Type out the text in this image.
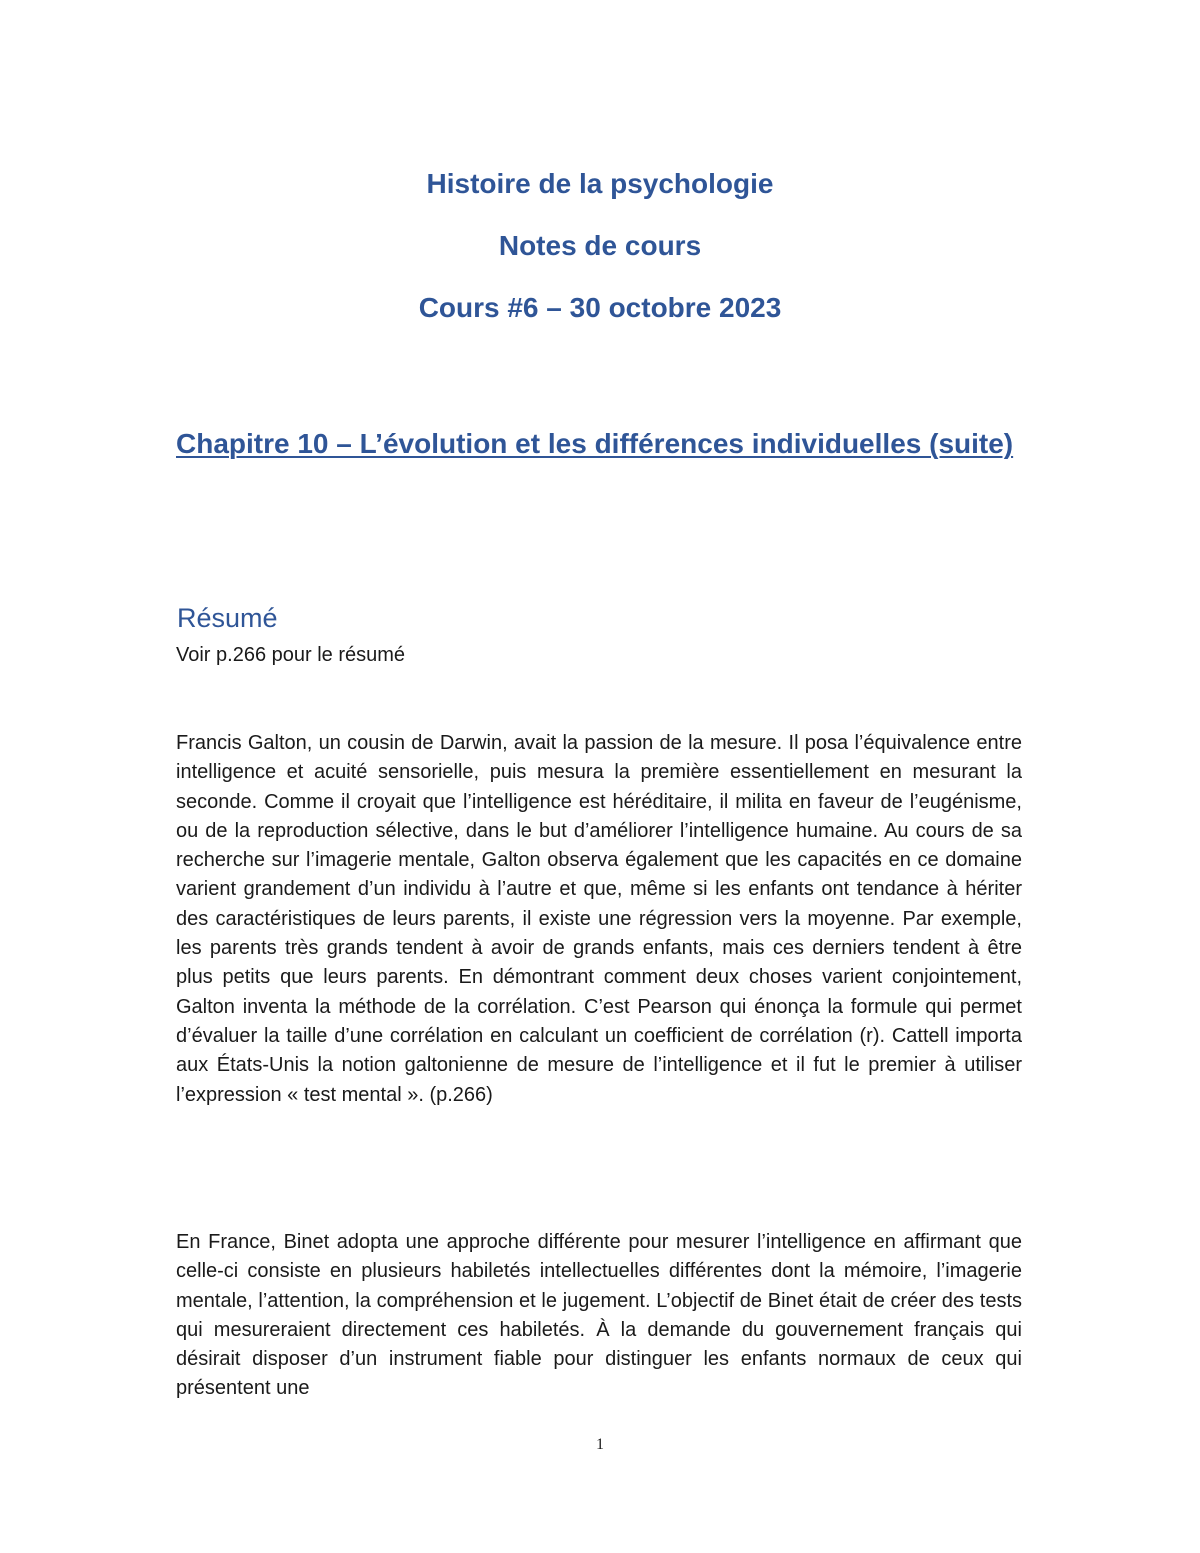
Histoire de la psychologie
Notes de cours
Cours #6 – 30 octobre 2023
Chapitre 10 – L’évolution et les différences individuelles (suite)
Résumé
Voir p.266 pour le résumé
Francis Galton, un cousin de Darwin, avait la passion de la mesure. Il posa l’équivalence entre intelligence et acuité sensorielle, puis mesura la première essentiellement en mesurant la seconde. Comme il croyait que l’intelligence est héréditaire, il milita en faveur de l’eugénisme, ou de la reproduction sélective, dans le but d’améliorer l’intelligence humaine. Au cours de sa recherche sur l’imagerie mentale, Galton observa également que les capacités en ce domaine varient grandement d’un individu à l’autre et que, même si les enfants ont tendance à hériter des caractéristiques de leurs parents, il existe une régression vers la moyenne. Par exemple, les parents très grands tendent à avoir de grands enfants, mais ces derniers tendent à être plus petits que leurs parents. En démontrant comment deux choses varient conjointement, Galton inventa la méthode de la corrélation. C’est Pearson qui énonça la formule qui permet d’évaluer la taille d’une corrélation en calculant un coefficient de corrélation (r). Cattell importa aux États-Unis la notion galtonienne de mesure de l’intelligence et il fut le premier à utiliser l’expression « test mental ». (p.266)
En France, Binet adopta une approche différente pour mesurer l’intelligence en affirmant que celle-ci consiste en plusieurs habiletés intellectuelles différentes dont la mémoire, l’imagerie mentale, l’attention, la compréhension et le jugement. L’objectif de Binet était de créer des tests qui mesureraient directement ces habiletés. À la demande du gouvernement français qui désirait disposer d’un instrument fiable pour distinguer les enfants normaux de ceux qui présentent une
1
